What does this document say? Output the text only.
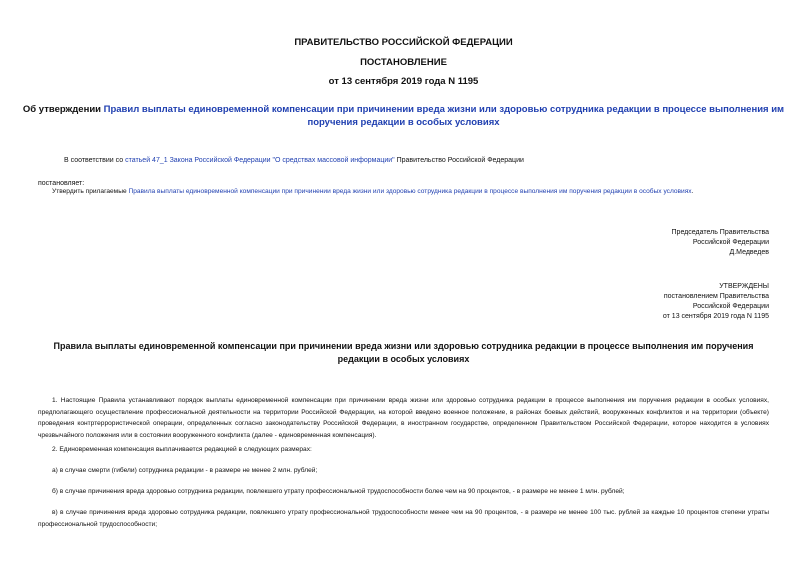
ПРАВИТЕЛЬСТВО РОССИЙСКОЙ ФЕДЕРАЦИИ
ПОСТАНОВЛЕНИЕ
от 13 сентября 2019 года N 1195
Об утверждении Правил выплаты единовременной компенсации при причинении вреда жизни или здоровью сотрудника редакции в процессе выполнения им
поручения редакции в особых условиях
В соответствии со статьей 47_1 Закона Российской Федерации "О средствах массовой информации" Правительство Российской Федерации
постановляет:
Утвердить прилагаемые Правила выплаты единовременной компенсации при причинении вреда жизни или здоровью сотрудника редакции в процессе выполнения им поручения редакции в особых условиях.
Председатель Правительства
Российской Федерации
Д.Медведев
УТВЕРЖДЕНЫ
постановлением Правительства
Российской Федерации
от 13 сентября 2019 года N 1195
Правила выплаты единовременной компенсации при причинении вреда жизни или здоровью сотрудника редакции в процессе выполнения им поручения
редакции в особых условиях
1. Настоящие Правила устанавливают порядок выплаты единовременной компенсации при причинении вреда жизни или здоровью сотрудника редакции в процессе выполнения им поручения редакции в особых условиях, предполагающего осуществление профессиональной деятельности на территории Российской Федерации, на которой введено военное положение, в районах боевых действий, вооруженных конфликтов и на территории (объекте) проведения контртеррористической операции, определенных согласно законодательству Российской Федерации, в иностранном государстве, определенном Правительством Российской Федерации, которое находится в условиях чрезвычайного положения или в состоянии вооруженного конфликта (далее - единовременная компенсация).
2. Единовременная компенсация выплачивается редакцией в следующих размерах:
а) в случае смерти (гибели) сотрудника редакции - в размере не менее 2 млн. рублей;
б) в случае причинения вреда здоровью сотрудника редакции, повлекшего утрату профессиональной трудоспособности более чем на 90 процентов, - в размере не менее 1 млн. рублей;
в) в случае причинения вреда здоровью сотрудника редакции, повлекшего утрату профессиональной трудоспособности менее чем на 90 процентов, - в размере не менее 100 тыс. рублей за каждые 10 процентов степени утраты профессиональной трудоспособности;
